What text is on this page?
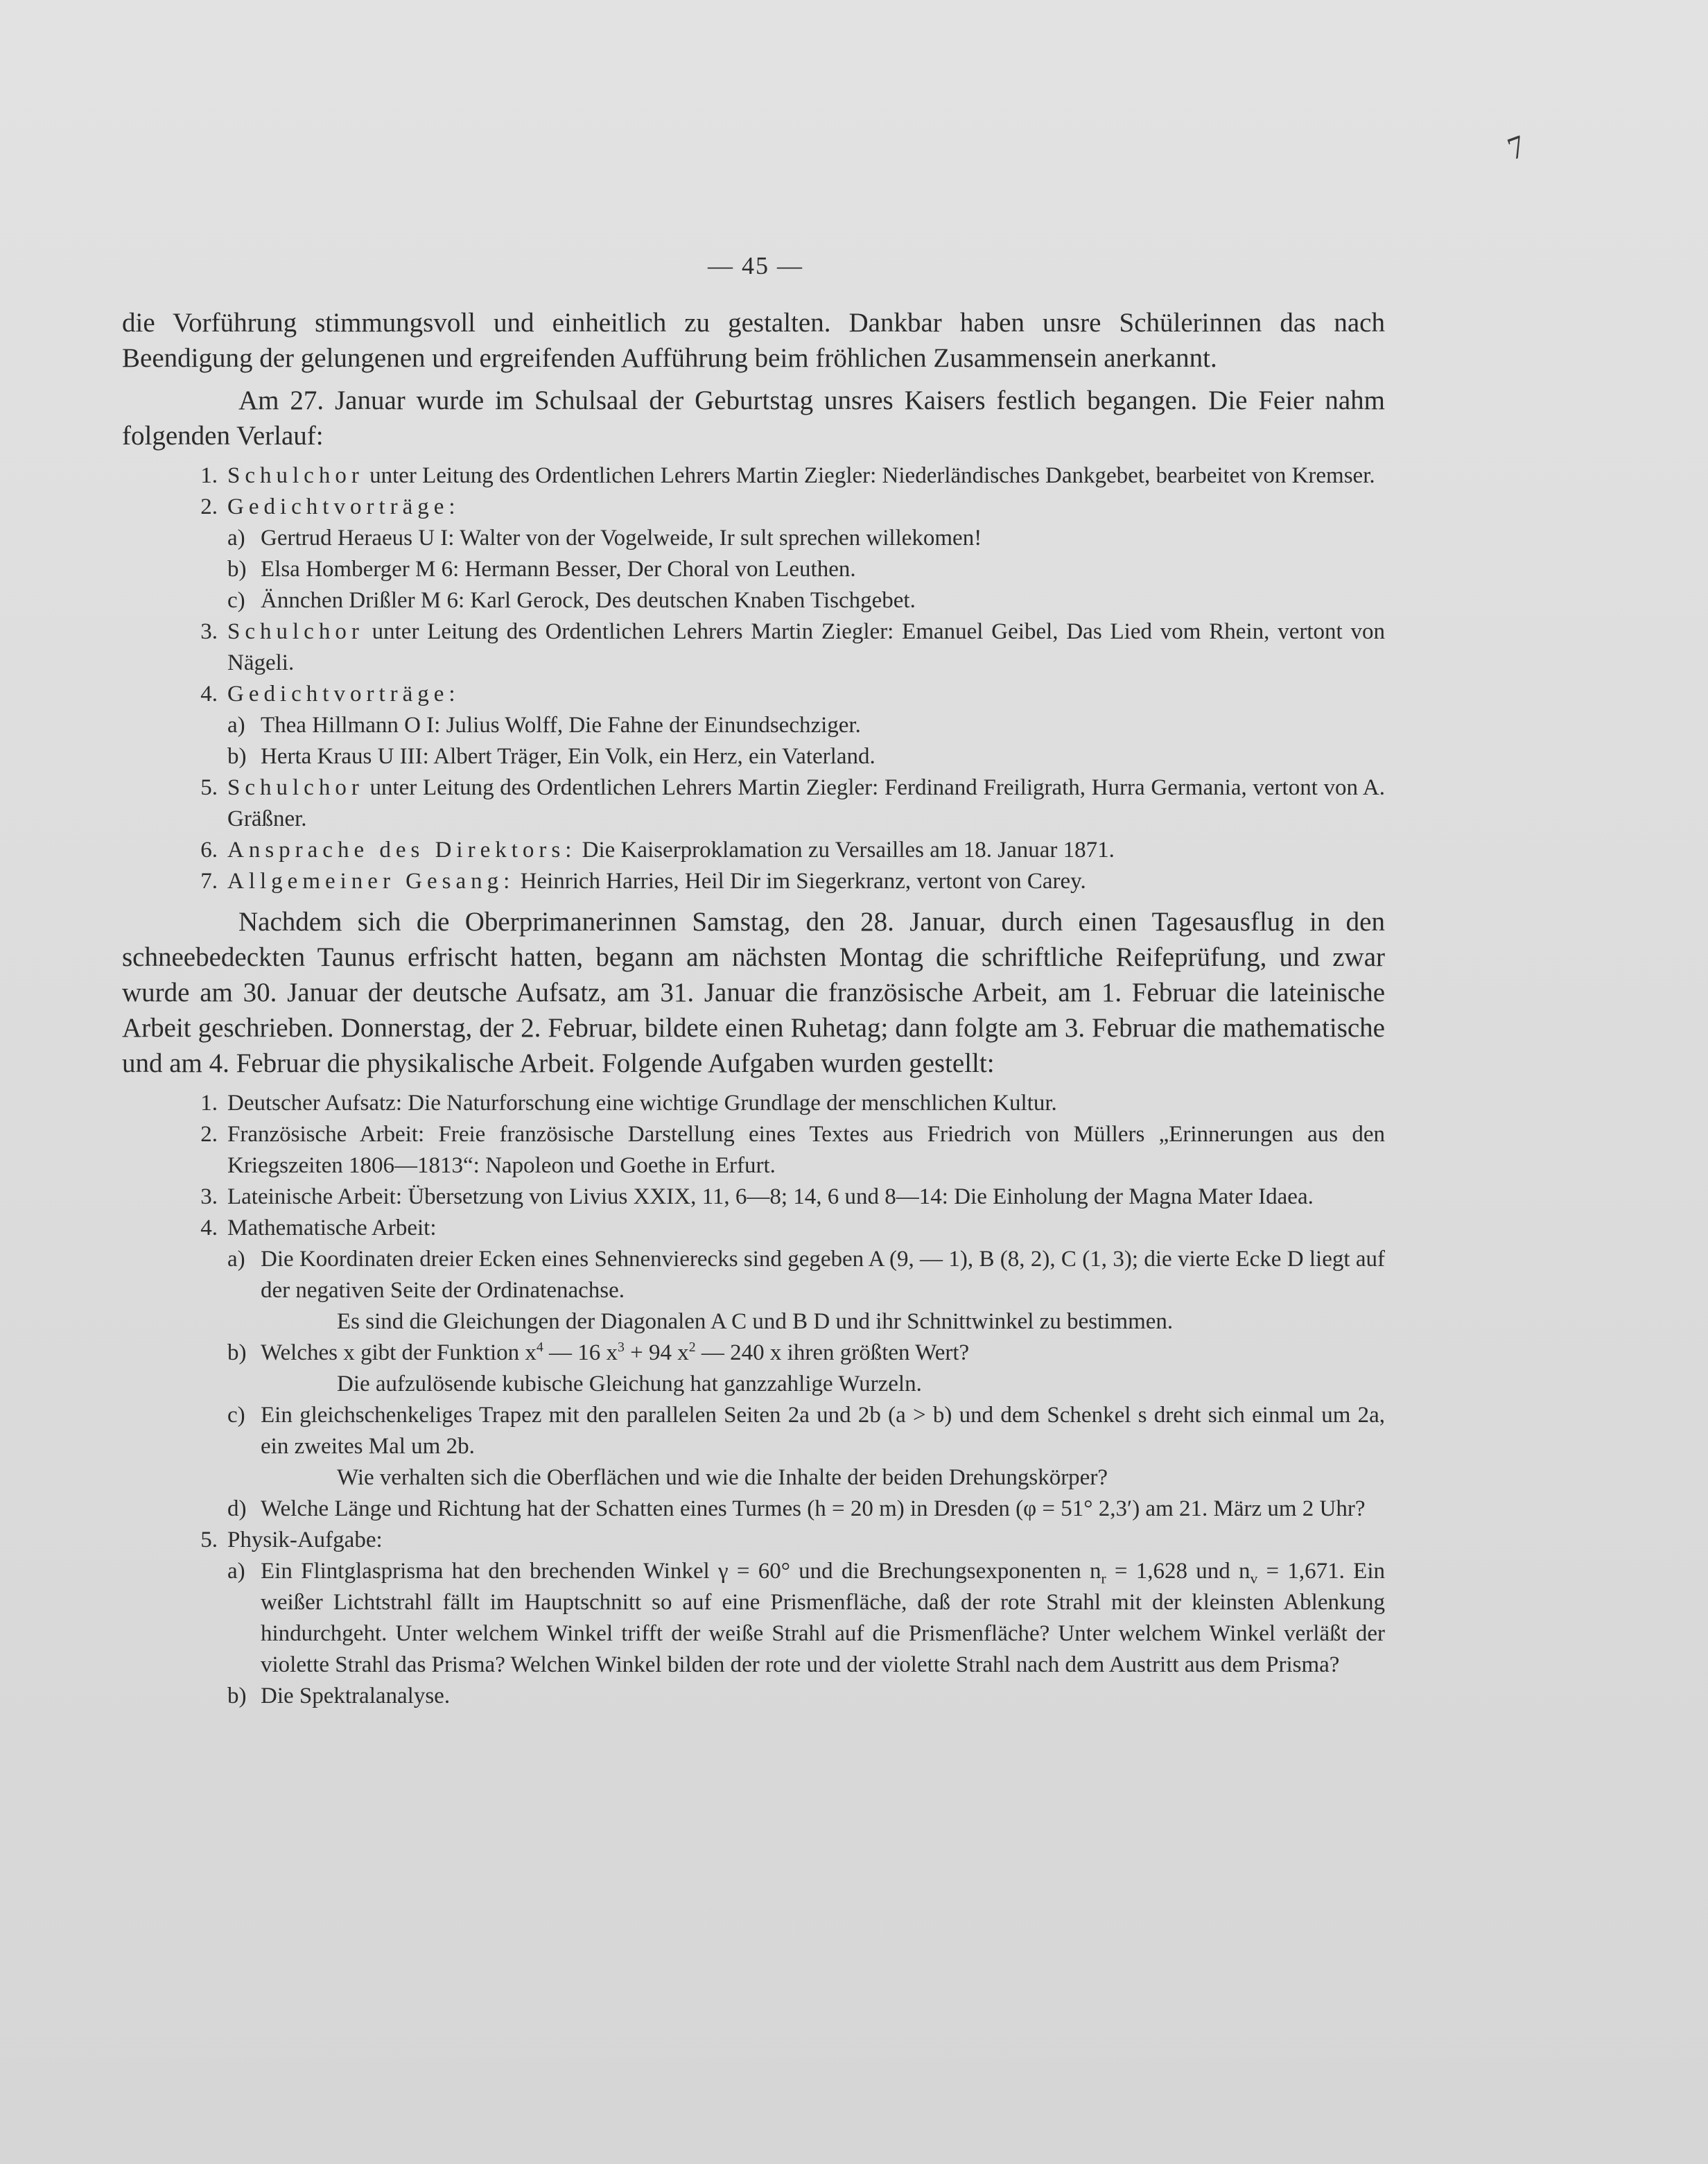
7
— 45 —

die Vorführung stimmungsvoll und einheitlich zu gestalten. Dankbar haben unsre Schülerinnen das nach Beendigung der gelungenen und ergreifenden Aufführung beim fröhlichen Zusammensein anerkannt.

Am 27. Januar wurde im Schulsaal der Geburtstag unsres Kaisers festlich begangen. Die Feier nahm folgenden Verlauf:

1. Schulchor unter Leitung des Ordentlichen Lehrers Martin Ziegler: Niederländisches Dankgebet, bearbeitet von Kremser.
2. Gedichtvorträge:
a) Gertrud Heraeus U I: Walter von der Vogelweide, Ir sult sprechen willekomen!
b) Elsa Homberger M 6: Hermann Besser, Der Choral von Leuthen.
c) Ännchen Drißler M 6: Karl Gerock, Des deutschen Knaben Tischgebet.
3. Schulchor unter Leitung des Ordentlichen Lehrers Martin Ziegler: Emanuel Geibel, Das Lied vom Rhein, vertont von Nägeli.
4. Gedichtvorträge:
a) Thea Hillmann O I: Julius Wolff, Die Fahne der Einundsechziger.
b) Herta Kraus U III: Albert Träger, Ein Volk, ein Herz, ein Vaterland.
5. Schulchor unter Leitung des Ordentlichen Lehrers Martin Ziegler: Ferdinand Freiligrath, Hurra Germania, vertont von A. Gräßner.
6. Ansprache des Direktors: Die Kaiserproklamation zu Versailles am 18. Januar 1871.
7. Allgemeiner Gesang: Heinrich Harries, Heil Dir im Siegerkranz, vertont von Carey.

Nachdem sich die Oberprimanerinnen Samstag, den 28. Januar, durch einen Tagesausflug in den schneebedeckten Taunus erfrischt hatten, begann am nächsten Montag die schriftliche Reifeprüfung, und zwar wurde am 30. Januar der deutsche Aufsatz, am 31. Januar die französische Arbeit, am 1. Februar die lateinische Arbeit geschrieben. Donnerstag, der 2. Februar, bildete einen Ruhetag; dann folgte am 3. Februar die mathematische und am 4. Februar die physikalische Arbeit. Folgende Aufgaben wurden gestellt:

1. Deutscher Aufsatz: Die Naturforschung eine wichtige Grundlage der menschlichen Kultur.
2. Französische Arbeit: Freie französische Darstellung eines Textes aus Friedrich von Müllers „Erinnerungen aus den Kriegszeiten 1806—1813“: Napoleon und Goethe in Erfurt.
3. Lateinische Arbeit: Übersetzung von Livius XXIX, 11, 6—8; 14, 6 und 8—14: Die Einholung der Magna Mater Idaea.
4. Mathematische Arbeit:
a) Die Koordinaten dreier Ecken eines Sehnenvierecks sind gegeben A (9, — 1), B (8, 2), C (1, 3); die vierte Ecke D liegt auf der negativen Seite der Ordinatenachse.
Es sind die Gleichungen der Diagonalen A C und B D und ihr Schnittwinkel zu bestimmen.
b) Welches x gibt der Funktion $x^4$ — 16 $x^3 + 94$ $x^2$ — 240 x ihren größten Wert?
Die aufzulösende kubische Gleichung hat ganzzahlige Wurzeln.
c) Ein gleichschenkeliges Trapez mit den parallelen Seiten 2a und 2b (a > b) und dem Schenkel s dreht sich einmal um 2a, ein zweites Mal um 2b.
Wie verhalten sich die Oberflächen und wie die Inhalte der beiden Drehungskörper?
d) Welche Länge und Richtung hat der Schatten eines Turmes (h = 20 m) in Dresden (φ = 51° 2,3′) am 21. März um 2 Uhr?
5. Physik-Aufgabe:
a) Ein Flintglasprisma hat den brechenden Winkel γ = 60° und die Brechungsexponenten $n_r = 1,628$ und $n_v = 1,671$. Ein weißer Lichtstrahl fällt im Hauptschnitt so auf eine Prismenfläche, daß der rote Strahl mit der kleinsten Ablenkung hindurchgeht. Unter welchem Winkel trifft der weiße Strahl auf die Prismenfläche? Unter welchem Winkel verläßt der violette Strahl das Prisma? Welchen Winkel bilden der rote und der violette Strahl nach dem Austritt aus dem Prisma?
b) Die Spektralanalyse.
